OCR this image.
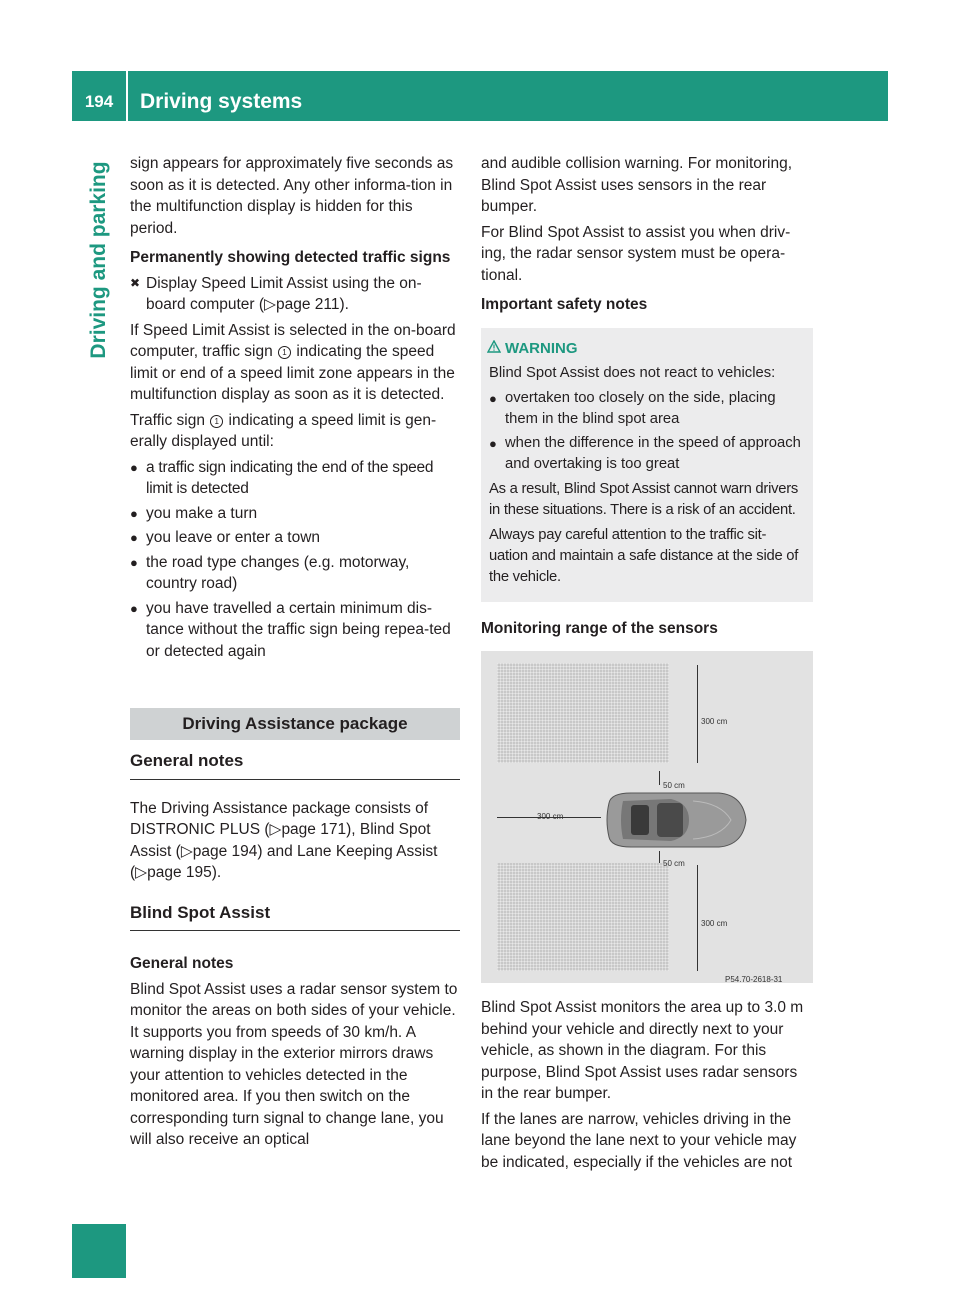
194	Driving systems
Driving and parking sign appears for approximately five seconds as soon as it is detected. Any other informa-tion in the multifunction display is hidden for this period.

Permanently showing detected traffic signs

✖ Display Speed Limit Assist using the on-board computer (▷page 211).

If Speed Limit Assist is selected in the on-board computer, traffic sign 1 indicating the speed limit or end of a speed limit zone appears in the multifunction display as soon as it is detected.

Traffic sign 1 indicating a speed limit is gen-erally displayed until:

● a traffic sign indicating the end of the speed limit is detected
● you make a turn
● you leave or enter a town
● the road type changes (e.g. motorway, country road)
● you have travelled a certain minimum dis-tance without the traffic sign being repea-ted or detected again
Driving Assistance package
General notes

The Driving Assistance package consists of DISTRONIC PLUS (▷page 171), Blind Spot Assist (▷page 194) and Lane Keeping Assist (▷page 195).

Blind Spot Assist

General notes

Blind Spot Assist uses a radar sensor system to monitor the areas on both sides of your vehicle. It supports you from speeds of 30 km/h. A warning display in the exterior mirrors draws your attention to vehicles detected in the monitored area. If you then switch on the corresponding turn signal to change lane, you will also receive an optical

and audible collision warning. For monitoring, Blind Spot Assist uses sensors in the rear bumper.

For Blind Spot Assist to assist you when driv-ing, the radar sensor system must be opera-tional.

Important safety notes

WARNING

Blind Spot Assist does not react to vehicles:

● overtaken too closely on the side, placing them in the blind spot area
● when the difference in the speed of approach and overtaking is too great

As a result, Blind Spot Assist cannot warn drivers in these situations. There is a risk of an accident.

Always pay careful attention to the traffic sit-uation and maintain a safe distance at the side of the vehicle.

Monitoring range of the sensors

300 cm
50 cm
300 cm
50 cm
300 cm
P54.70-2618-31

Blind Spot Assist monitors the area up to 3.0 m behind your vehicle and directly next to your vehicle, as shown in the diagram. For this purpose, Blind Spot Assist uses radar sensors in the rear bumper.

If the lanes are narrow, vehicles driving in the lane beyond the lane next to your vehicle may be indicated, especially if the vehicles are not
